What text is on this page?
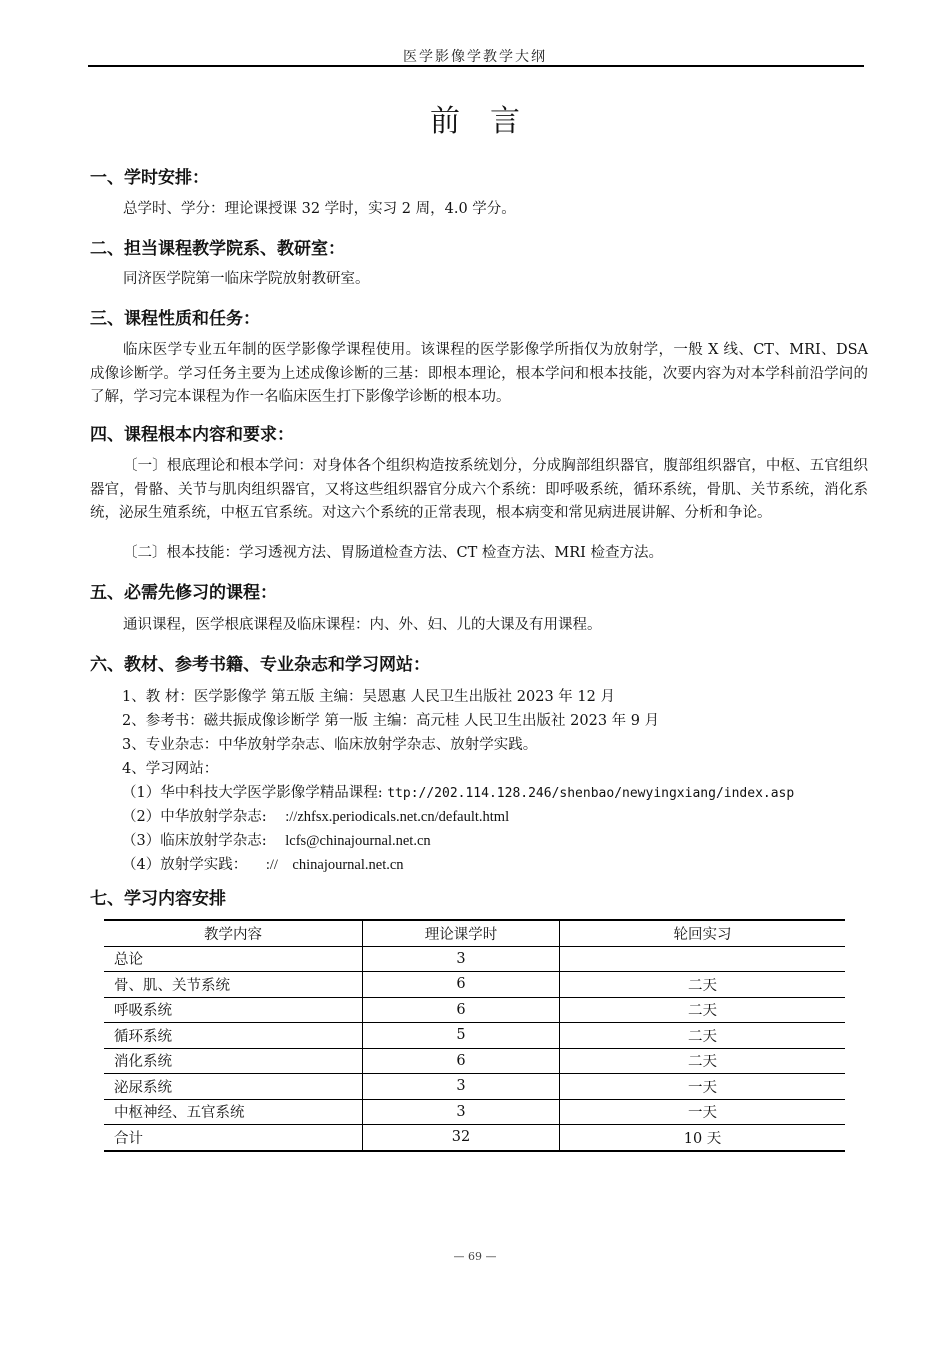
医学影像学教学大纲
前言
一、学时安排：
总学时、学分：理论课授课 32 学时，实习 2 周，4.0 学分。
二、担当课程教学院系、教研室：
同济医学院第一临床学院放射教研室。
三、课程性质和任务：
临床医学专业五年制的医学影像学课程使用。该课程的医学影像学所指仅为放射学，一般 X 线、CT、MRI、DSA 成像诊断学。学习任务主要为上述成像诊断的三基：即根本理论，根本学问和根本技能，次要内容为对本学科前沿学问的了解，学习完本课程为作一名临床医生打下影像学诊断的根本功。
四、课程根本内容和要求：
〔一〕根底理论和根本学问：对身体各个组织构造按系统划分，分成胸部组织器官，腹部组织器官，中枢、五官组织器官，骨骼、关节与肌肉组织器官，又将这些组织器官分成六个系统：即呼吸系统，循环系统，骨肌、关节系统，消化系统，泌尿生殖系统，中枢五官系统。对这六个系统的正常表现，根本病变和常见病进展讲解、分析和争论。
〔二〕根本技能：学习透视方法、胃肠道检查方法、CT 检查方法、MRI 检查方法。
五、必需先修习的课程：
通识课程，医学根底课程及临床课程：内、外、妇、儿的大课及有用课程。
六、教材、参考书籍、专业杂志和学习网站：
1、教 材：医学影像学 第五版 主编：吴恩惠 人民卫生出版社 2023 年 12 月
2、参考书：磁共振成像诊断学 第一版 主编：高元桂 人民卫生出版社 2023 年 9 月
3、专业杂志：中华放射学杂志、临床放射学杂志、放射学实践。
4、学习网站：
（1）华中科技大学医学影像学精品课程: ttp://202.114.128.246/shenbao/newyingxiang/index.asp
（2）中华放射学杂志: ://zhfsx.periodicals.net.cn/default.html
（3）临床放射学杂志: lcfs@chinajournal.net.cn
（4）放射学实践： ://    chinajournal.net.cn
七、学习内容安排
教学内容	理论课学时	轮回实习
总论	3	
骨、肌、关节系统	6	二天
呼吸系统	6	二天
循环系统	5	二天
消化系统	6	二天
泌尿系统	3	一天
中枢神经、五官系统	3	一天
合计	32	10 天
— 69 —
